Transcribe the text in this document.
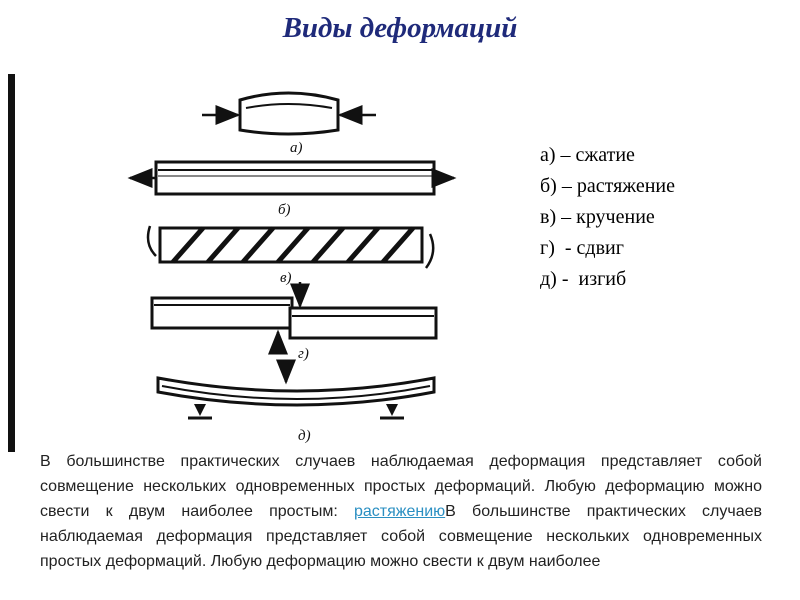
Виды деформаций
а)
б)
в)
г)
д)
а) – сжатие
б) – растяжение
в) – кручение
г)  - сдвиг
д) -  изгиб

В большинстве практических случаев наблюдаемая деформация представляет собой совмещение нескольких одновременных простых деформаций. Любую деформацию можно свести к двум наиболее простым: растяжениюВ большинстве практических случаев наблюдаемая деформация представляет собой совмещение нескольких одновременных простых деформаций. Любую деформацию можно свести к двум наиболее
